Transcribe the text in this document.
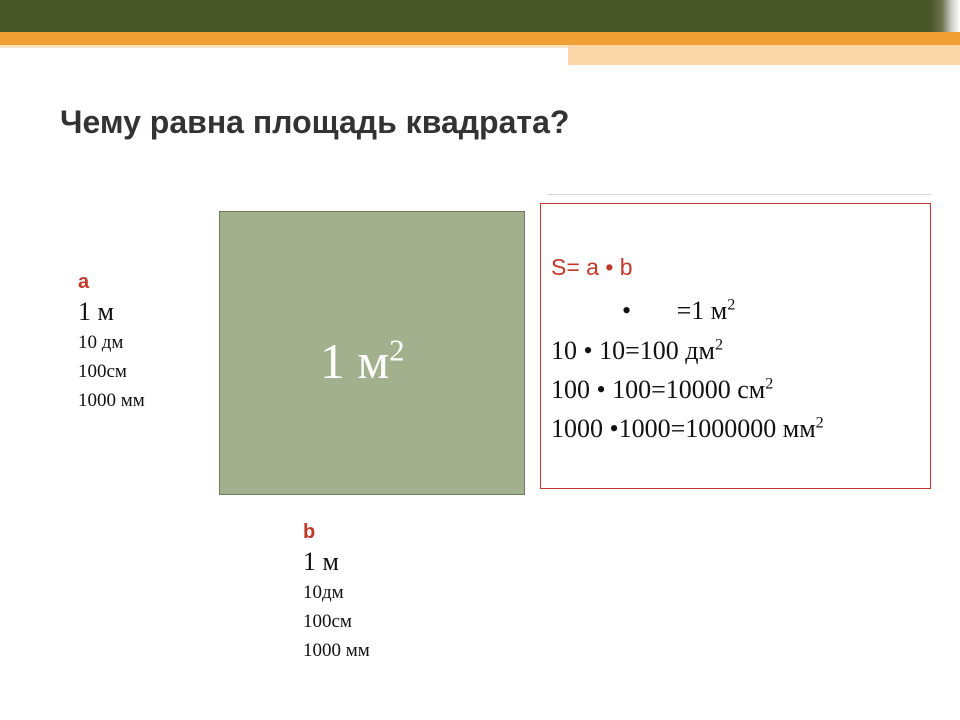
Чему равна площадь квадрата?
1 $м^2$
a
1 м
10 дм
100см
1000 мм
b
1 м
10дм
100см
1000 мм
S= a • b
•       =1 $м^2$
10 • 10=100 $дм^2$
100 • 100=10000 $см^2$
1000 •1000=1000000 $мм^2$
